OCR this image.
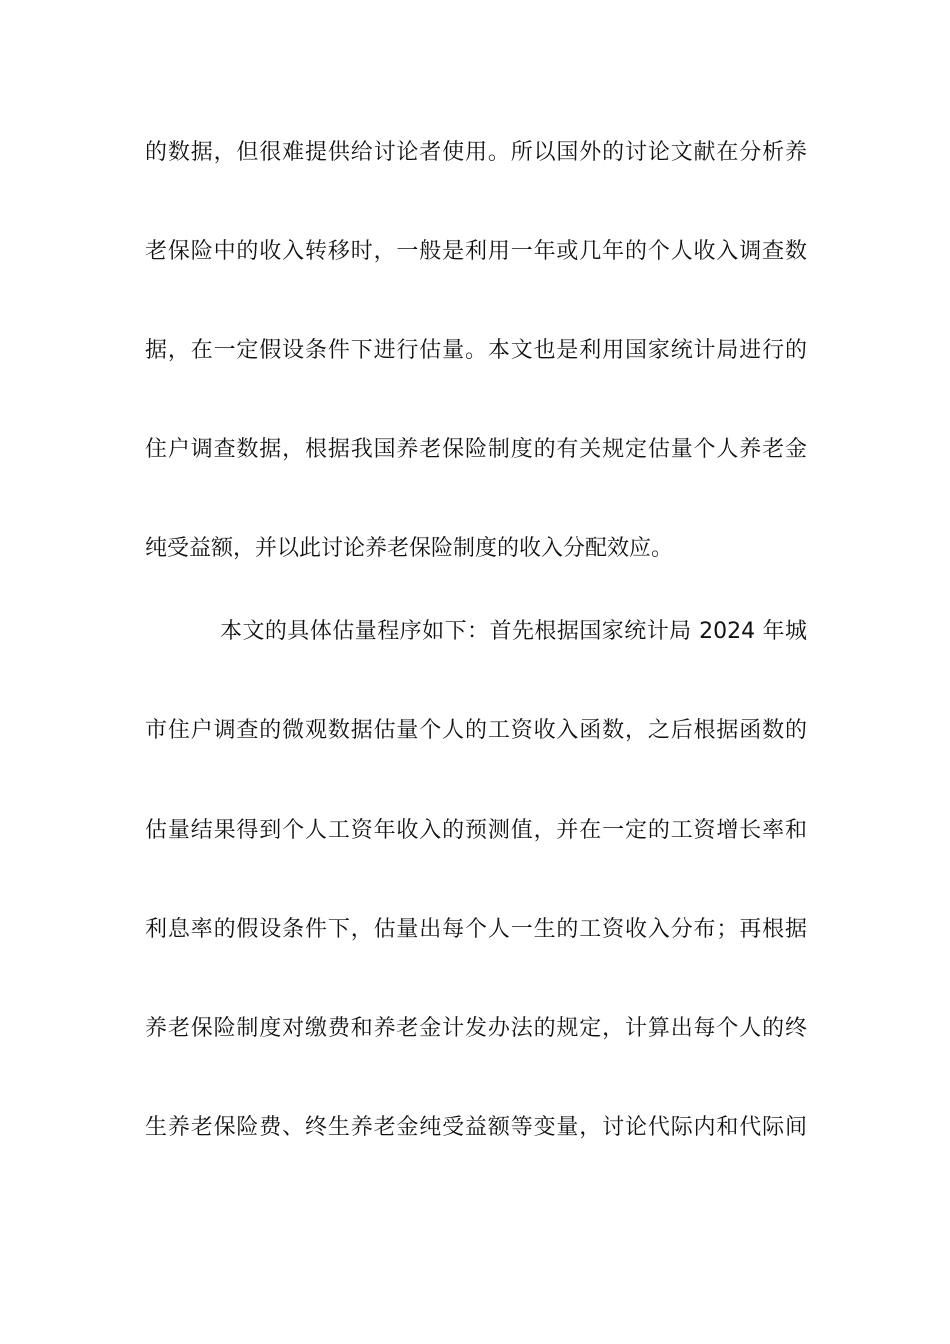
的数据，但很难提供给讨论者使用。所以国外的讨论文献在分析养
老保险中的收入转移时，一般是利用一年或几年的个人收入调查数
据，在一定假设条件下进行估量。本文也是利用国家统计局进行的
住户调查数据，根据我国养老保险制度的有关规定估量个人养老金
纯受益额，并以此讨论养老保险制度的收入分配效应。
本文的具体估量程序如下：首先根据国家统计局 2024 年城
市住户调查的微观数据估量个人的工资收入函数，之后根据函数的
估量结果得到个人工资年收入的预测值，并在一定的工资增长率和
利息率的假设条件下，估量出每个人一生的工资收入分布；再根据
养老保险制度对缴费和养老金计发办法的规定，计算出每个人的终
生养老保险费、终生养老金纯受益额等变量，讨论代际内和代际间
